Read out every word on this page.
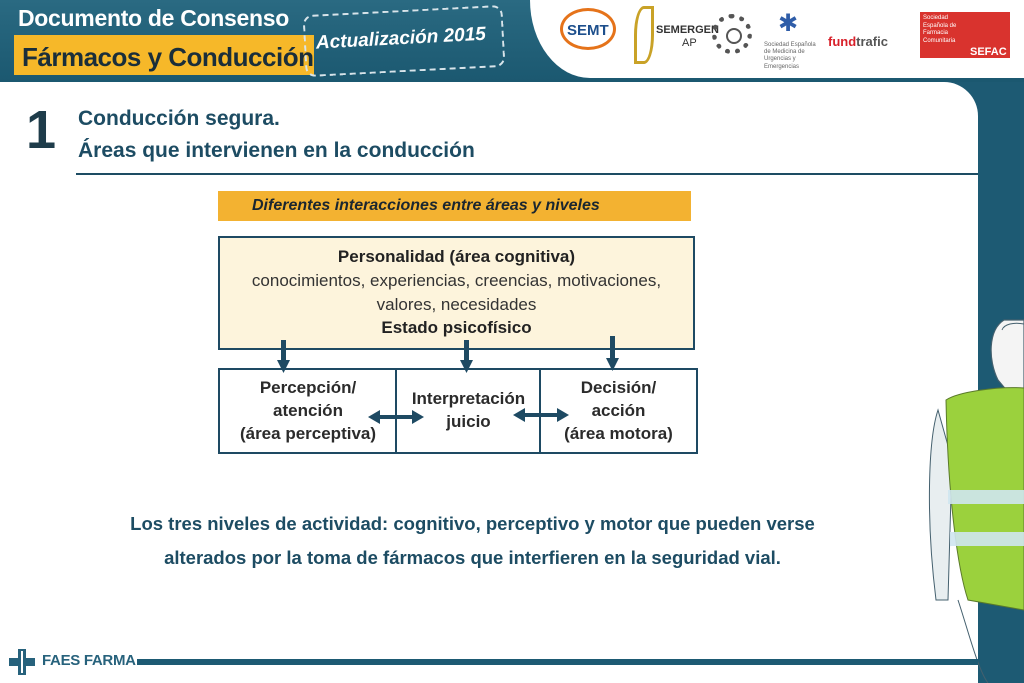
Documento de Consenso
Fármacos y Conducción
Actualización 2015	SEMT	SEMERGEN
AP
✱
Sociedad Española de Medicina de Urgencias y Emergencias
fundtrafic
Sociedad Española de Farmacia Comunitaria
SEFAC
1 Conducción segura.
Áreas que intervienen en la conducción
Diferentes interacciones entre áreas y niveles
Personalidad (área cognitiva)
conocimientos, experiencias, creencias, motivaciones,
valores, necesidades
Estado psicofísico
Percepción/
atención
(área perceptiva)
Interpretación
juicio
Decisión/
acción
(área motora)
Los tres niveles de actividad: cognitivo, perceptivo y motor que pueden verse
alterados por la toma de fármacos que interfieren en la seguridad vial.
FAES FARMA
